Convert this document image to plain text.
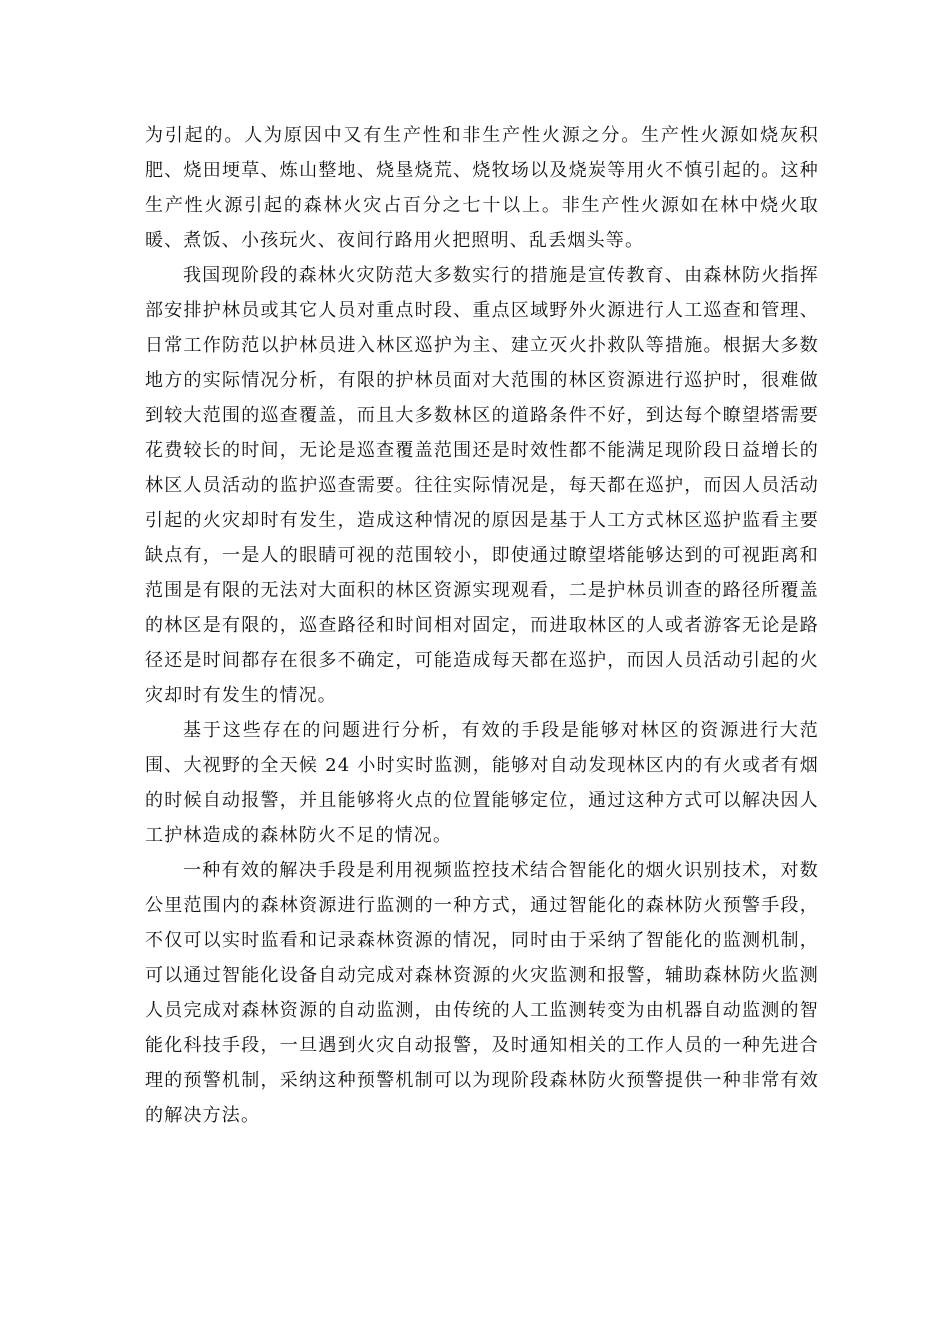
为引起的。人为原因中又有生产性和非生产性火源之分。生产性火源如烧灰积肥、烧田埂草、炼山整地、烧垦烧荒、烧牧场以及烧炭等用火不慎引起的。这种生产性火源引起的森林火灾占百分之七十以上。非生产性火源如在林中烧火取暖、煮饭、小孩玩火、夜间行路用火把照明、乱丢烟头等。

我国现阶段的森林火灾防范大多数实行的措施是宣传教育、由森林防火指挥部安排护林员或其它人员对重点时段、重点区域野外火源进行人工巡查和管理、日常工作防范以护林员进入林区巡护为主、建立灭火扑救队等措施。根据大多数地方的实际情况分析，有限的护林员面对大范围的林区资源进行巡护时，很难做到较大范围的巡查覆盖，而且大多数林区的道路条件不好，到达每个瞭望塔需要花费较长的时间，无论是巡查覆盖范围还是时效性都不能满足现阶段日益增长的林区人员活动的监护巡查需要。往往实际情况是，每天都在巡护，而因人员活动引起的火灾却时有发生，造成这种情况的原因是基于人工方式林区巡护监看主要缺点有，一是人的眼睛可视的范围较小，即使通过瞭望塔能够达到的可视距离和范围是有限的无法对大面积的林区资源实现观看，二是护林员训查的路径所覆盖的林区是有限的，巡查路径和时间相对固定，而进取林区的人或者游客无论是路径还是时间都存在很多不确定，可能造成每天都在巡护，而因人员活动引起的火灾却时有发生的情况。

基于这些存在的问题进行分析，有效的手段是能够对林区的资源进行大范围、大视野的全天候 24 小时实时监测，能够对自动发现林区内的有火或者有烟的时候自动报警，并且能够将火点的位置能够定位，通过这种方式可以解决因人工护林造成的森林防火不足的情况。

一种有效的解决手段是利用视频监控技术结合智能化的烟火识别技术，对数公里范围内的森林资源进行监测的一种方式，通过智能化的森林防火预警手段，不仅可以实时监看和记录森林资源的情况，同时由于采纳了智能化的监测机制，可以通过智能化设备自动完成对森林资源的火灾监测和报警，辅助森林防火监测人员完成对森林资源的自动监测，由传统的人工监测转变为由机器自动监测的智能化科技手段，一旦遇到火灾自动报警，及时通知相关的工作人员的一种先进合理的预警机制，采纳这种预警机制可以为现阶段森林防火预警提供一种非常有效的解决方法。
